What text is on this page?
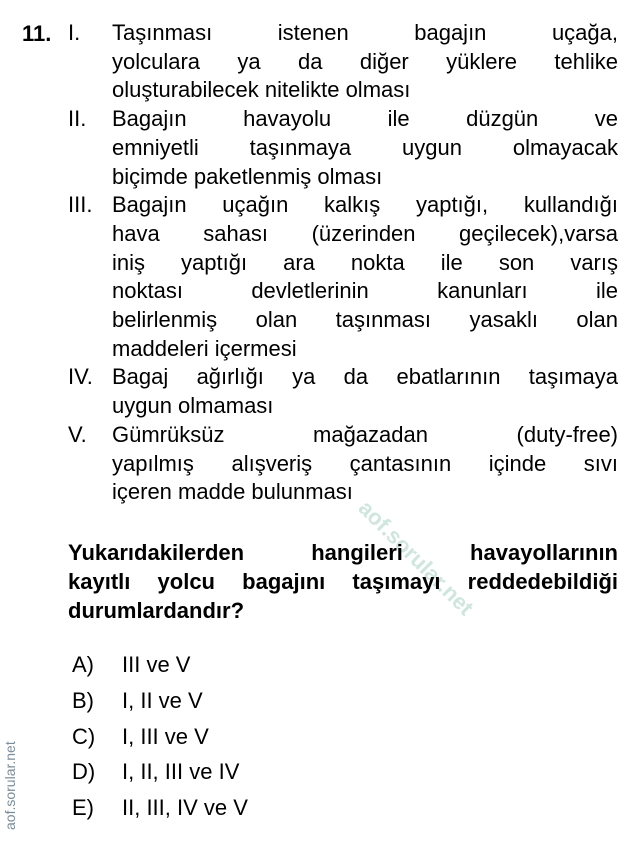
11. I.	Taşınması istenen bagajın uçağa,
yolculara ya da diğer yüklere tehlike
oluşturabilecek nitelikte olması
II.	Bagajın havayolu ile düzgün ve
emniyetli taşınmaya uygun olmayacak
biçimde paketlenmiş olması
III. Bagajın uçağın kalkış yaptığı, kullandığı
hava sahası (üzerinden geçilecek),varsa
iniş yaptığı ara nokta ile son varış
noktası devletlerinin kanunları ile
belirlenmiş olan taşınması yasaklı olan
maddeleri içermesi
IV. Bagaj ağırlığı ya da ebatlarının taşımaya
uygun olmaması
V.	Gümrüksüz mağazadan (duty-free)
yapılmış alışveriş çantasının içinde sıvı
içeren madde bulunması
aof.sorular.net
Yukarıdakilerden hangileri havayollarının
kayıtlı yolcu bagajını taşımayı reddedebildiği
durumlardandır?
A)	III ve V
B)	I, II ve V
C)	I, III ve V
D)	I, II, III ve IV
E)	II, III, IV ve V
aof.sorular.net
